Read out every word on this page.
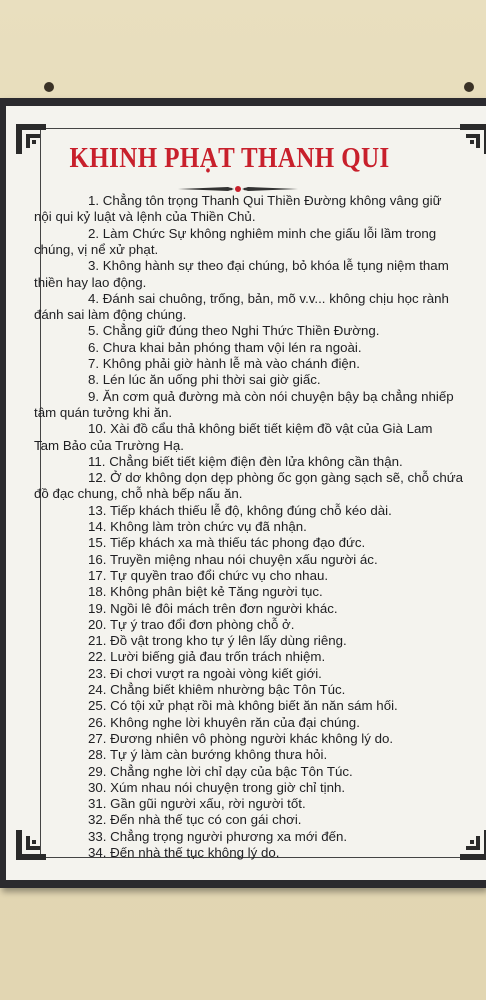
KHINH PHẠT THANH QUI
1. Chẳng tôn trọng Thanh Qui Thiền Đường không vâng giữ
nội qui kỷ luật và lệnh của Thiền Chủ.
2. Làm Chức Sự không nghiêm minh che giấu lỗi lầm trong
chúng, vị nể xử phạt.
3. Không hành sự theo đại chúng, bỏ khóa lễ tụng niệm tham
thiền hay lao động.
4. Đánh sai chuông, trống, bản, mõ v.v... không chịu học rành
đánh sai làm động chúng.
5. Chẳng giữ đúng theo Nghi Thức Thiền Đường.
6. Chưa khai bản phóng tham vội lén ra ngoài.
7. Không phải giờ hành lễ mà vào chánh điện.
8. Lén lúc ăn uống phi thời sai giờ giấc.
9. Ăn cơm quả đường mà còn nói chuyện bậy bạ chẳng nhiếp
tâm quán tưởng khi ăn.
10. Xài đồ cẩu thả không biết tiết kiệm đồ vật của Già Lam
Tam Bảo của Trường Hạ.
11. Chẳng biết tiết kiệm điện đèn lửa không cần thận.
12. Ở dơ không dọn dẹp phòng ốc gọn gàng sạch sẽ, chỗ chứa
đồ đạc chung, chỗ nhà bếp nấu ăn.
13. Tiếp khách thiếu lễ độ, không đúng chỗ kéo dài.
14. Không làm tròn chức vụ đã nhận.
15. Tiếp khách xa mà thiếu tác phong đạo đức.
16. Truyền miệng nhau nói chuyện xấu người ác.
17. Tự quyền trao đổi chức vụ cho nhau.
18. Không phân biệt kẻ Tăng người tục.
19. Ngồi lê đôi mách trên đơn người khác.
20. Tự ý trao đổi đơn phòng chỗ ở.
21. Đồ vật trong kho tự ý lên lấy dùng riêng.
22. Lười biếng giả đau trốn trách nhiệm.
23. Đi chơi vượt ra ngoài vòng kiết giới.
24. Chẳng biết khiêm nhường bậc Tôn Túc.
25. Có tội xử phạt rồi mà không biết ăn năn sám hối.
26. Không nghe lời khuyên răn của đại chúng.
27. Đương nhiên vô phòng người khác không lý do.
28. Tự ý làm càn bướng không thưa hỏi.
29. Chẳng nghe lời chỉ dạy của bậc Tôn Túc.
30. Xúm nhau nói chuyện trong giờ chỉ tịnh.
31. Gần gũi người xấu, rời người tốt.
32. Đến nhà thế tục có con gái chơi.
33. Chẳng trọng người phương xa mới đến.
34. Đến nhà thế tục không lý do.
